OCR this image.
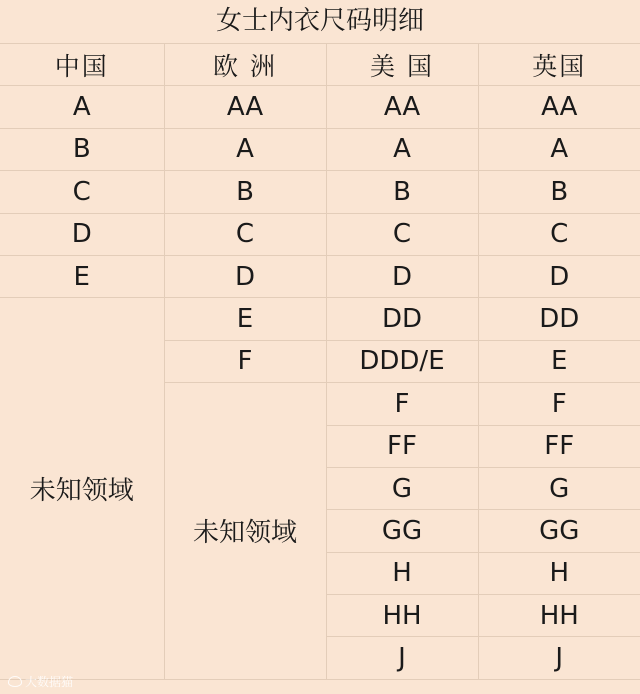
女士内衣尺码明细
中国	欧 洲	美 国	英国
A	AA	AA	AA
B	A	A	A
C	B	B	B
D	C	C	C
E	D	D	D
未知领域	E	DD	DD
	F	DDD/E	E
	未知领域	F	F
		FF	FF
		G	G
		GG	GG
		H	H
		HH	HH
		J	J
大数据猫
